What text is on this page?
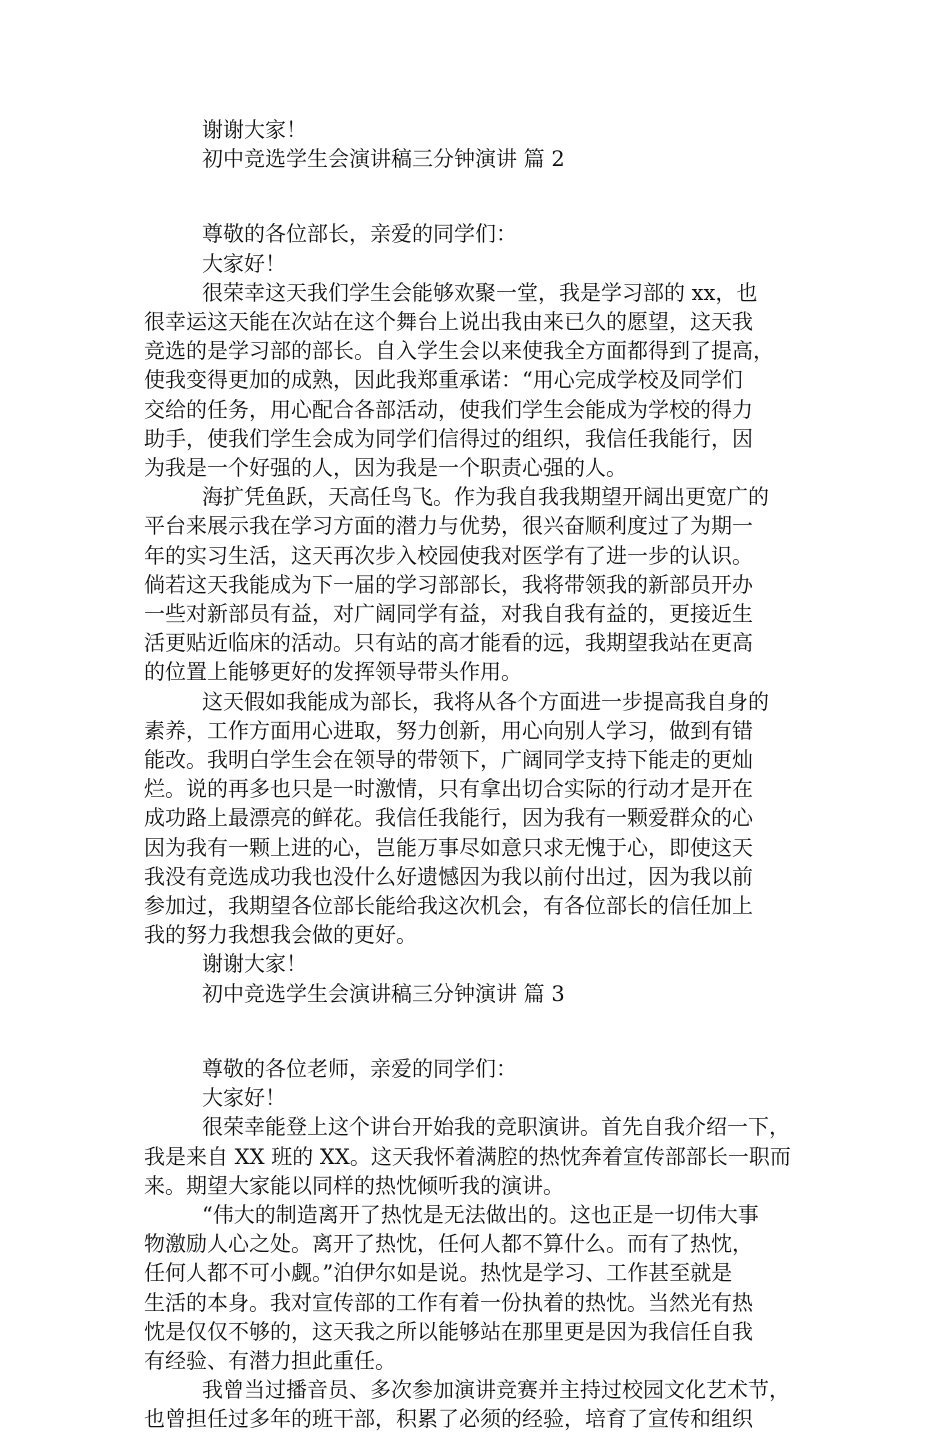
谢谢大家！

初中竞选学生会演讲稿三分钟演讲 篇 2

尊敬的各位部长，亲爱的同学们：

大家好！

很荣幸这天我们学生会能够欢聚一堂，我是学习部的 xx，也

很幸运这天能在次站在这个舞台上说出我由来已久的愿望，这天我

竞选的是学习部的部长。自入学生会以来使我全方面都得到了提高，

使我变得更加的成熟，因此我郑重承诺：“用心完成学校及同学们

交给的任务，用心配合各部活动，使我们学生会能成为学校的得力

助手，使我们学生会成为同学们信得过的组织，我信任我能行，因

为我是一个好强的人，因为我是一个职责心强的人。

海扩凭鱼跃，天高任鸟飞。作为我自我我期望开阔出更宽广的

平台来展示我在学习方面的潜力与优势，很兴奋顺利度过了为期一

年的实习生活，这天再次步入校园使我对医学有了进一步的认识。

倘若这天我能成为下一届的学习部部长，我将带领我的新部员开办

一些对新部员有益，对广阔同学有益，对我自我有益的，更接近生

活更贴近临床的活动。只有站的高才能看的远，我期望我站在更高

的位置上能够更好的发挥领导带头作用。

这天假如我能成为部长，我将从各个方面进一步提高我自身的

素养，工作方面用心进取，努力创新，用心向别人学习，做到有错

能改。我明白学生会在领导的带领下，广阔同学支持下能走的更灿

烂。说的再多也只是一时激情，只有拿出切合实际的行动才是开在

成功路上最漂亮的鲜花。我信任我能行，因为我有一颗爱群众的心

因为我有一颗上进的心，岂能万事尽如意只求无愧于心，即使这天

我没有竞选成功我也没什么好遗憾因为我以前付出过，因为我以前

参加过，我期望各位部长能给我这次机会，有各位部长的信任加上

我的努力我想我会做的更好。

谢谢大家！

初中竞选学生会演讲稿三分钟演讲 篇 3

尊敬的各位老师，亲爱的同学们：

大家好！

很荣幸能登上这个讲台开始我的竞职演讲。首先自我介绍一下，

我是来自 XX 班的 XX。这天我怀着满腔的热忱奔着宣传部部长一职而

来。期望大家能以同样的热忱倾听我的演讲。

“伟大的制造离开了热忱是无法做出的。这也正是一切伟大事

物激励人心之处。离开了热忱，任何人都不算什么。而有了热忱，

任何人都不可小觑。”泊伊尔如是说。热忱是学习、工作甚至就是

生活的本身。我对宣传部的工作有着一份执着的热忱。当然光有热

忱是仅仅不够的，这天我之所以能够站在那里更是因为我信任自我

有经验、有潜力担此重任。

我曾当过播音员、多次参加演讲竞赛并主持过校园文化艺术节，

也曾担任过多年的班干部，积累了必须的经验，培育了宣传和组织
